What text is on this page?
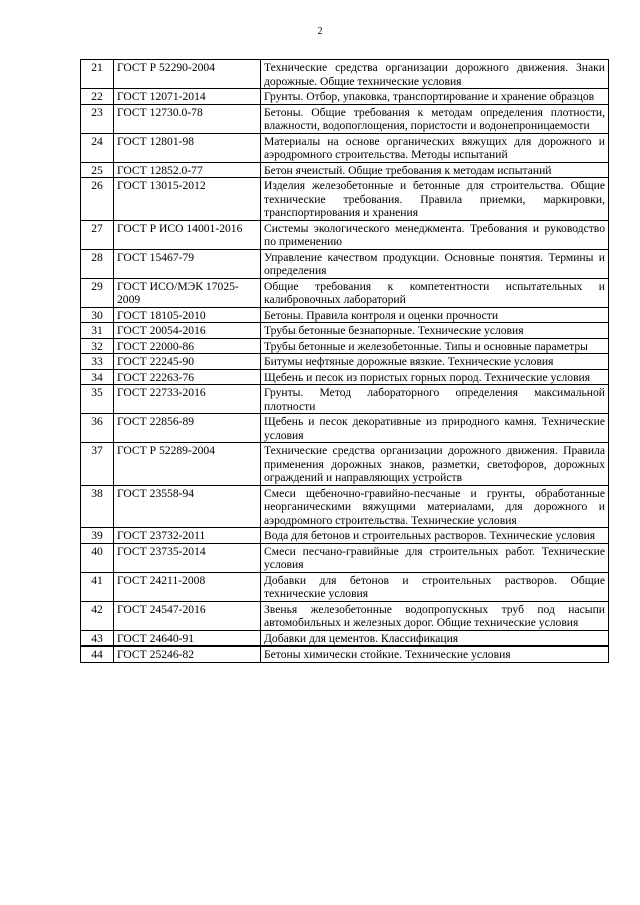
2
21	ГОСТ Р 52290-2004	Технические средства организации дорожного движения. Знаки дорожные. Общие технические условия
22	ГОСТ 12071-2014	Грунты. Отбор, упаковка, транспортирование и хранение образцов
23	ГОСТ 12730.0-78	Бетоны. Общие требования к методам определения плотности, влажности, водопоглощения, пористости и водонепроницаемости
24	ГОСТ 12801-98	Материалы на основе органических вяжущих для дорожного и аэродромного строительства. Методы испытаний
25	ГОСТ 12852.0-77	Бетон ячеистый. Общие требования к методам испытаний
26	ГОСТ 13015-2012	Изделия железобетонные и бетонные для строительства. Общие технические требования. Правила приемки, маркировки, транспортирования и хранения
27	ГОСТ Р ИСО 14001-2016	Системы экологического менеджмента. Требования и руководство по применению
28	ГОСТ 15467-79	Управление качеством продукции. Основные понятия. Термины и определения
29	ГОСТ ИСО/МЭК 17025-2009	Общие требования к компетентности испытательных и калибровочных лабораторий
30	ГОСТ 18105-2010	Бетоны. Правила контроля и оценки прочности
31	ГОСТ 20054-2016	Трубы бетонные безнапорные. Технические условия
32	ГОСТ 22000-86	Трубы бетонные и железобетонные. Типы и основные параметры
33	ГОСТ 22245-90	Битумы нефтяные дорожные вязкие. Технические условия
34	ГОСТ 22263-76	Щебень и песок из пористых горных пород. Технические условия
35	ГОСТ 22733-2016	Грунты. Метод лабораторного определения максимальной плотности
36	ГОСТ 22856-89	Щебень и песок декоративные из природного камня. Технические условия
37	ГОСТ Р 52289-2004	Технические средства организации дорожного движения. Правила применения дорожных знаков, разметки, светофоров, дорожных ограждений и направляющих устройств
38	ГОСТ 23558-94	Смеси щебеночно-гравийно-песчаные и грунты, обработанные неорганическими вяжущими материалами, для дорожного и аэродромного строительства. Технические условия
39	ГОСТ 23732-2011	Вода для бетонов и строительных растворов. Технические условия
40	ГОСТ 23735-2014	Смеси песчано-гравийные для строительных работ. Технические условия
41	ГОСТ 24211-2008	Добавки для бетонов и строительных растворов. Общие технические условия
42	ГОСТ 24547-2016	Звенья железобетонные водопропускных труб под насыпи автомобильных и железных дорог. Общие технические условия
43	ГОСТ 24640-91	Добавки для цементов. Классификация
44	ГОСТ 25246-82	Бетоны химически стойкие. Технические условия
